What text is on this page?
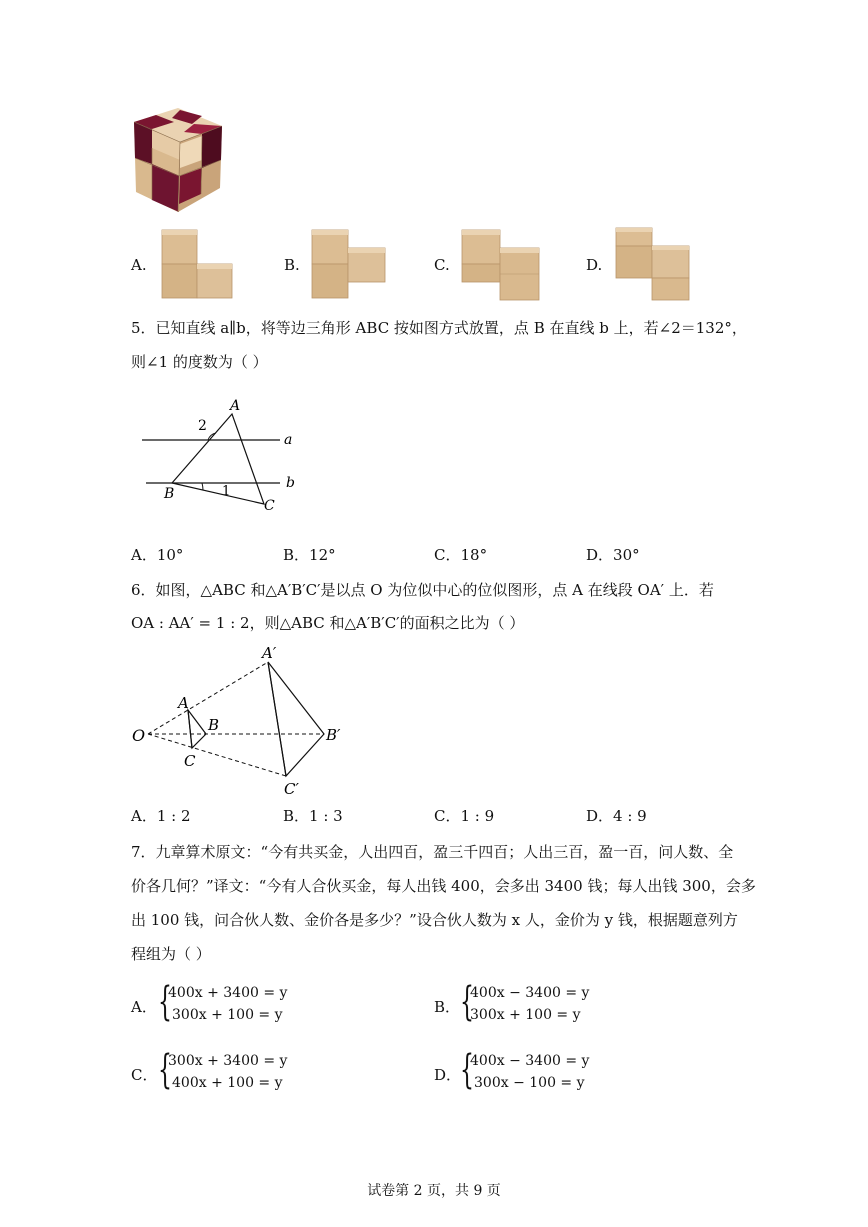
A.	B.	C.	D.
5．已知直线 a∥b，将等边三角形 ABC 按如图方式放置，点 B 在直线 b 上，若∠2＝132°，
则∠1 的度数为（ ）
A
B
C
a
b
2
1
A．10°	B．12°	C．18°	D．30°
6．如图，△ABC 和△A′B′C′是以点 O 为位似中心的位似图形，点 A 在线段 OA′ 上．若
OA : AA′ = 1 : 2，则△ABC 和△A′B′C′的面积之比为（ ）
O
A
B
C
A′
B′
C′
A．1 : 2	B．1 : 3	C．1 : 9	D．4 : 9
7．九章算术原文：“今有共买金，人出四百，盈三千四百；人出三百，盈一百，问人数、全
价各几何？”译文：“今有人合伙买金，每人出钱 400，会多出 3400 钱；每人出钱 300，会多
出 100 钱，问合伙人数、金价各是多少？”设合伙人数为 x 人，金价为 y 钱，根据题意列方
程组为（ ）
A． {
400x + 3400 = y
300x + 100 = y	B． {
400x − 3400 = y
300x + 100 = y
C． {
300x + 3400 = y
400x + 100 = y	D．
{
400x − 3400 = y
300x − 100 = y
试卷第 2 页，共 9 页
